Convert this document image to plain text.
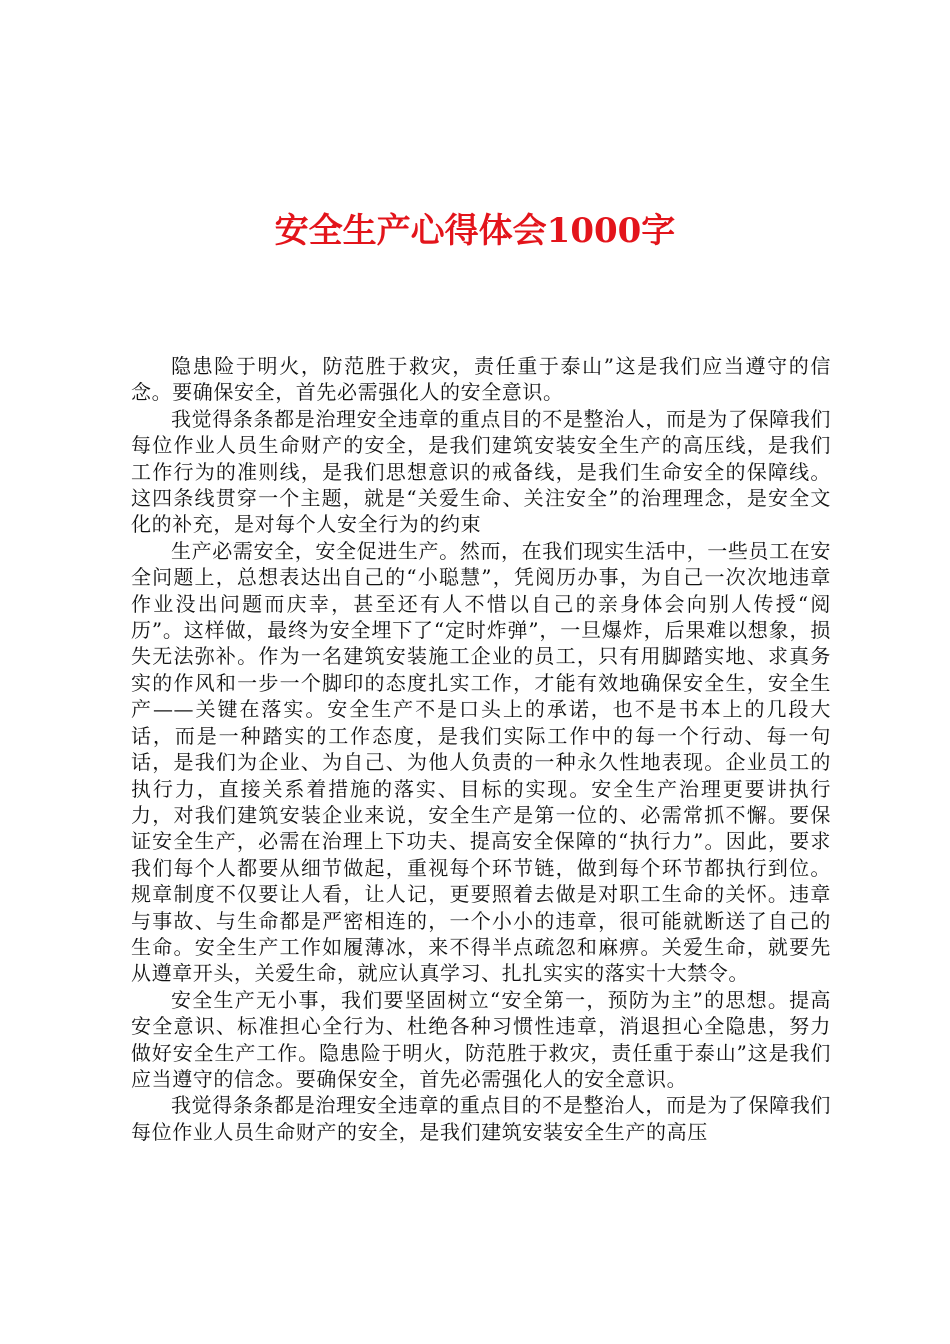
安全生产心得体会1000字

隐患险于明火，防范胜于救灾，责任重于泰山”这是我们应当遵守的信念。要确保安全，首先必需强化人的安全意识。

我觉得条条都是治理安全违章的重点目的不是整治人，而是为了保障我们每位作业人员生命财产的安全，是我们建筑安装安全生产的高压线，是我们工作行为的准则线，是我们思想意识的戒备线，是我们生命安全的保障线。这四条线贯穿一个主题，就是“关爱生命、关注安全”的治理理念，是安全文化的补充，是对每个人安全行为的约束

生产必需安全，安全促进生产。然而，在我们现实生活中，一些员工在安全问题上，总想表达出自己的“小聪慧”，凭阅历办事，为自己一次次地违章作业没出问题而庆幸，甚至还有人不惜以自己的亲身体会向别人传授“阅历”。这样做，最终为安全埋下了“定时炸弹”，一旦爆炸，后果难以想象，损失无法弥补。作为一名建筑安装施工企业的员工，只有用脚踏实地、求真务实的作风和一步一个脚印的态度扎实工作，才能有效地确保安全生，安全生产——关键在落实。安全生产不是口头上的承诺，也不是书本上的几段大话，而是一种踏实的工作态度，是我们实际工作中的每一个行动、每一句话，是我们为企业、为自己、为他人负责的一种永久性地表现。企业员工的执行力，直接关系着措施的落实、目标的实现。安全生产治理更要讲执行力，对我们建筑安装企业来说，安全生产是第一位的、必需常抓不懈。要保证安全生产，必需在治理上下功夫、提高安全保障的“执行力”。因此，要求我们每个人都要从细节做起，重视每个环节链，做到每个环节都执行到位。规章制度不仅要让人看，让人记，更要照着去做是对职工生命的关怀。违章与事故、与生命都是严密相连的，一个小小的违章，很可能就断送了自己的生命。安全生产工作如履薄冰，来不得半点疏忽和麻痹。关爱生命，就要先从遵章开头，关爱生命，就应认真学习、扎扎实实的落实十大禁令。

安全生产无小事，我们要坚固树立“安全第一，预防为主”的思想。提高安全意识、标准担心全行为、杜绝各种习惯性违章，消退担心全隐患，努力做好安全生产工作。隐患险于明火，防范胜于救灾，责任重于泰山”这是我们应当遵守的信念。要确保安全，首先必需强化人的安全意识。

我觉得条条都是治理安全违章的重点目的不是整治人，而是为了保障我们每位作业人员生命财产的安全，是我们建筑安装安全生产的高压
